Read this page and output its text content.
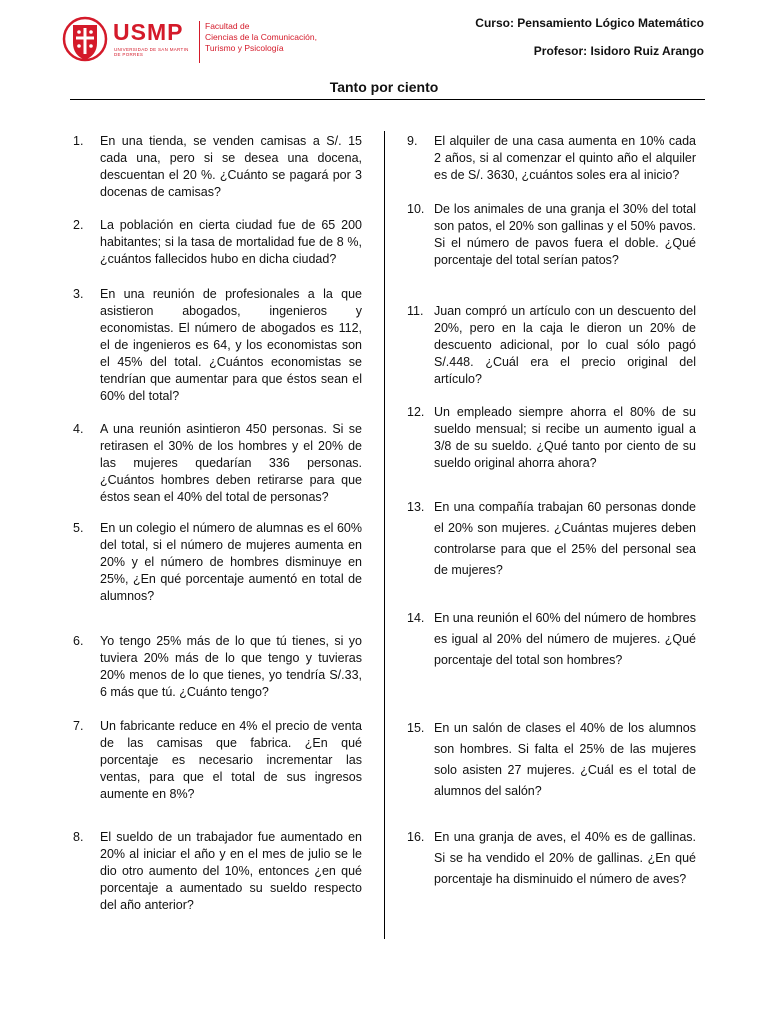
USMP
UNIVERSIDAD DE SAN MARTIN DE PORRES
Facultad de
Ciencias de la Comunicación,
Turismo y Psicología
Curso: Pensamiento Lógico Matemático
Profesor: Isidoro Ruiz Arango
Tanto por ciento
1. En una tienda, se venden camisas a S/. 15 cada una, pero si se desea una docena, descuentan el 20 %. ¿Cuánto se pagará por 3 docenas de camisas?
2. La población en cierta ciudad fue de 65 200 habitantes; si la tasa de mortalidad fue de 8 %, ¿cuántos fallecidos hubo en dicha ciudad?
3. En una reunión de profesionales a la que asistieron abogados, ingenieros y economistas. El número de abogados es 112, el de ingenieros es 64, y los economistas son el 45% del total. ¿Cuántos economistas se tendrían que aumentar para que éstos sean el 60% del total?
4. A una reunión asintieron 450 personas. Si se retirasen el 30% de los hombres y el 20% de las mujeres quedarían 336 personas. ¿Cuántos hombres deben retirarse para que éstos sean el 40% del total de personas?
5. En un colegio el número de alumnas es el 60% del total, si el número de mujeres aumenta en 20% y el número de hombres disminuye en 25%, ¿En qué porcentaje aumentó en total de alumnos?
6. Yo tengo 25% más de lo que tú tienes, si yo tuviera 20% más de lo que tengo y tuvieras 20% menos de lo que tienes, yo tendría S/.33, 6 más que tú. ¿Cuánto tengo?
7. Un fabricante reduce en 4% el precio de venta de las camisas que fabrica. ¿En qué porcentaje es necesario incrementar las ventas, para que el total de sus ingresos aumente en 8%?
8. El sueldo de un trabajador fue aumentado en 20% al iniciar el año y en el mes de julio se le dio otro aumento del 10%, entonces ¿en qué porcentaje a aumentado su sueldo respecto del año anterior?
9. El alquiler de una casa aumenta en 10% cada 2 años, si al comenzar el quinto año el alquiler es de S/. 3630, ¿cuántos soles era al inicio?
10. De los animales de una granja el 30% del total son patos, el 20% son gallinas y el 50% pavos. Si el número de pavos fuera el doble. ¿Qué porcentaje del total serían patos?
11. Juan compró un artículo con un descuento del 20%, pero en la caja le dieron un 20% de descuento adicional, por lo cual sólo pagó S/.448. ¿Cuál era el precio original del artículo?
12. Un empleado siempre ahorra el 80% de su sueldo mensual; si recibe un aumento igual a 3/8 de su sueldo. ¿Qué tanto por ciento de su sueldo original ahorra ahora?
13. En una compañía trabajan 60 personas donde el 20% son mujeres. ¿Cuántas mujeres deben controlarse para que el 25% del personal sea de mujeres?
14. En una reunión el 60% del número de hombres es igual al 20% del número de mujeres. ¿Qué porcentaje del total son hombres?
15. En un salón de clases el 40% de los alumnos son hombres. Si falta el 25% de las mujeres solo asisten 27 mujeres. ¿Cuál es el total de alumnos del salón?
16. En una granja de aves, el 40% es de gallinas. Si se ha vendido el 20% de gallinas. ¿En qué porcentaje ha disminuido el número de aves?
